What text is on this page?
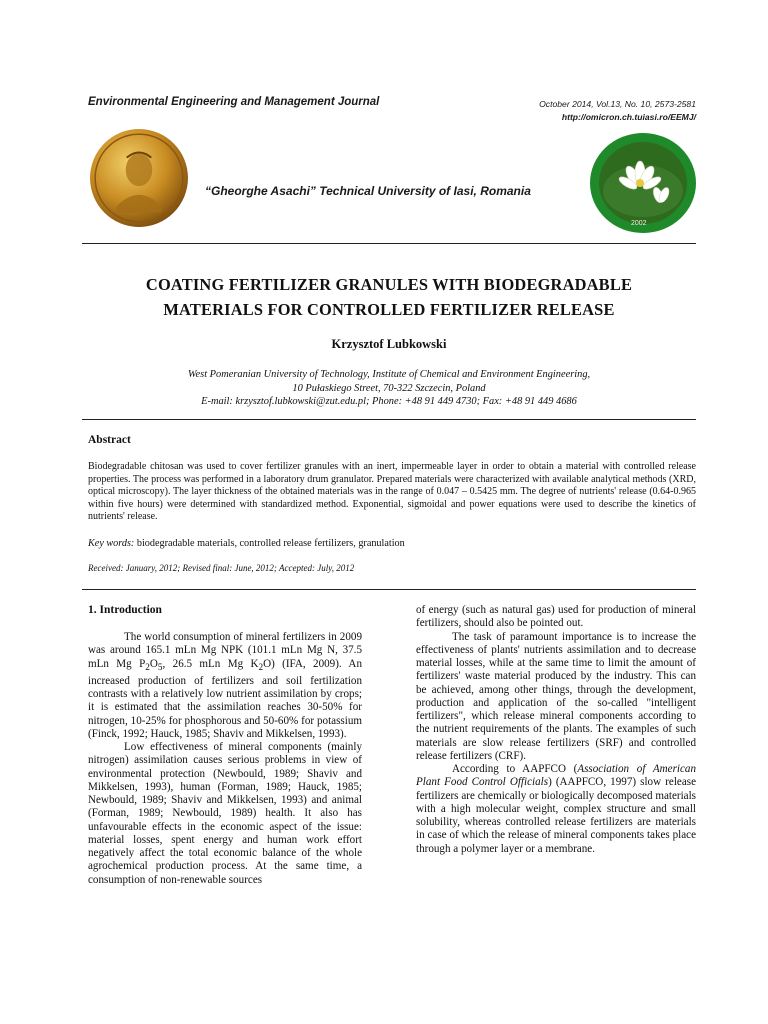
Environmental Engineering and Management Journal	October 2014, Vol.13, No. 10, 2573-2581
http://omicron.ch.tuiasi.ro/EEMJ/
“Gheorghe Asachi” Technical University of Iasi, Romania
2002
COATING FERTILIZER GRANULES WITH BIODEGRADABLE
MATERIALS FOR CONTROLLED FERTILIZER RELEASE
Krzysztof Lubkowski
West Pomeranian University of Technology, Institute of Chemical and Environment Engineering,
10 Pułaskiego Street, 70-322 Szczecin, Poland
E-mail: krzysztof.lubkowski@zut.edu.pl; Phone: +48 91 449 4730; Fax: +48 91 449 4686
Abstract
Biodegradable chitosan was used to cover fertilizer granules with an inert, impermeable layer in order to obtain a material with controlled release properties. The process was performed in a laboratory drum granulator. Prepared materials were characterized with available analytical methods (XRD, optical microscopy). The layer thickness of the obtained materials was in the range of 0.047 – 0.5425 mm. The degree of nutrients' release (0.64-0.965 within five hours) were determined with standardized method. Exponential, sigmoidal and power equations were used to describe the kinetics of nutrients' release.
Key words: biodegradable materials, controlled release fertilizers, granulation
Received: January, 2012; Revised final: June, 2012; Accepted: July, 2012
1. Introduction

The world consumption of mineral fertilizers in 2009 was around 165.1 mLn Mg NPK (101.1 mLn Mg N, 37.5 mLn Mg $P_2O_5$, 26.5 mLn Mg $K_2O$) (IFA, 2009). An increased production of fertilizers and soil fertilization contrasts with a relatively low nutrient assimilation by crops; it is estimated that the assimilation reaches 30-50% for nitrogen, 10-25% for phosphorous and 50-60% for potassium (Finck, 1992; Hauck, 1985; Shaviv and Mikkelsen, 1993).

Low effectiveness of mineral components (mainly nitrogen) assimilation causes serious problems in view of environmental protection (Newbould, 1989; Shaviv and Mikkelsen, 1993), human (Forman, 1989; Hauck, 1985; Newbould, 1989; Shaviv and Mikkelsen, 1993) and animal (Forman, 1989; Newbould, 1989) health. It also has unfavourable effects in the economic aspect of the issue: material losses, spent energy and human work effort negatively affect the total economic balance of the whole agrochemical production process. At the same time, a consumption of non-renewable sources

of energy (such as natural gas) used for production of mineral fertilizers, should also be pointed out.

The task of paramount importance is to increase the effectiveness of plants' nutrients assimilation and to decrease material losses, while at the same time to limit the amount of fertilizers' waste material produced by the industry. This can be achieved, among other things, through the development, production and application of the so-called "intelligent fertilizers", which release mineral components according to the nutrient requirements of the plants. The examples of such materials are slow release fertilizers (SRF) and controlled release fertilizers (CRF).

According to AAPFCO (Association of American Plant Food Control Officials) (AAPFCO, 1997) slow release fertilizers are chemically or biologically decomposed materials with a high molecular weight, complex structure and small solubility, whereas controlled release fertilizers are materials in case of which the release of mineral components takes place through a polymer layer or a membrane.
